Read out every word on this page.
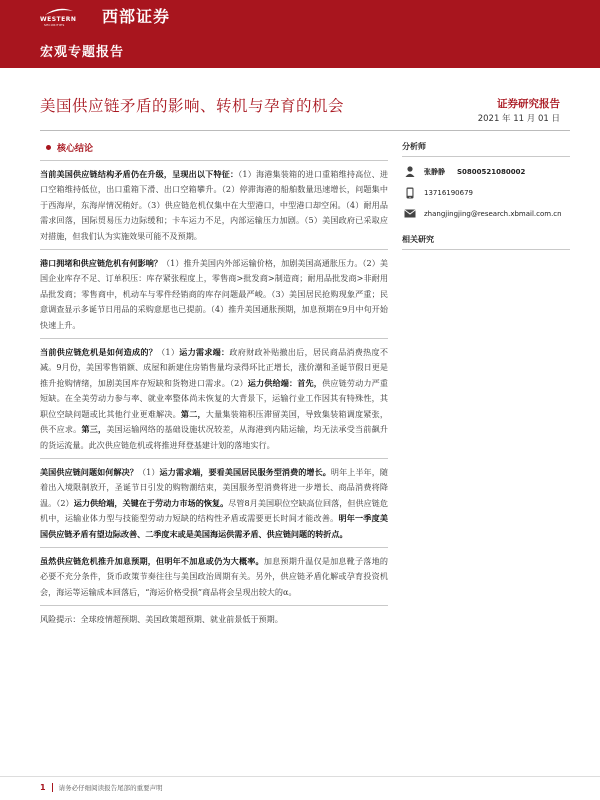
WESTERN
SECURITIES 西部证券
宏观专题报告
美国供应链矛盾的影响、转机与孕育的机会	证券研究报告
2021 年 11 月 01 日
核心结论

当前美国供应链结构矛盾仍在升级，呈现出以下特征：（1）海港集装箱的进口重箱维持高位、进口空箱维持低位，出口重箱下滑、出口空箱攀升。（2）停滞海港的船舶数量迅速增长，问题集中于西海岸，东海岸情况稍好。（3）供应链危机仅集中在大型港口，中型港口却空闲。（4）耐用品需求回落，国际贸易压力边际缓和；卡车运力不足，内部运输压力加剧。（5）美国政府已采取应对措施，但我们认为实施效果可能不及预期。

港口拥堵和供应链危机有何影响？（1）推升美国内外部运输价格，加剧美国高通胀压力。（2）美国企业库存不足、订单积压：库存紧张程度上，零售商>批发商>制造商；耐用品批发商>非耐用品批发商；零售商中，机动车与零件经销商的库存问题最严峻。（3）美国居民抢购现象严重；民意调查显示多诞节日用品的采购意愿也已提前。（4）推升美国通胀预期，加息预期在9月中旬开始快速上升。

当前供应链危机是如何造成的？（1）运力需求端：政府财政补贴撤出后，居民商品消费热度不减。9月份，美国零售销额、成屋和新建住房销售量均录得环比正增长，涨价潮和圣诞节假日更是推升抢购情绪，加剧美国库存短缺和货物进口需求。（2）运力供给端：首先，供应链劳动力严重短缺。在全美劳动力参与率、就业率整体尚未恢复的大背景下，运输行业工作因其有特殊性，其职位空缺问题或比其他行业更难解决。第二，大量集装箱积压滞留美国，导致集装箱调度紧张，供不应求。第三，美国运输网络的基础设施状况较差，从海港到内陆运输，均无法承受当前飙升的货运流量。此次供应链危机或将推进拜登基建计划的落地实行。

美国供应链问题如何解决？（1）运力需求端，要看美国居民服务型消费的增长。明年上半年，随着出入境限制放开，圣诞节日引发的购物潮结束，美国服务型消费将进一步增长、商品消费将降温。（2）运力供给端，关键在于劳动力市场的恢复。尽管8月美国职位空缺高位回落，但供应链危机中，运输业体力型与技能型劳动力短缺的结构性矛盾或需要更长时间才能改善。明年一季度美国供应链矛盾有望边际改善、二季度末或是美国海运供需矛盾、供应链问题的转折点。

虽然供应链危机推升加息预期，但明年不加息或仍为大概率。加息预期升温仅是加息靴子落地的必要不充分条件，货币政策节奏往往与美国政治周期有关。另外，供应链矛盾化解或孕育投资机会，海运等运输成本回落后，“海运价格受损”商品将会呈现出较大的α。

风险提示：全球疫情超预期、美国政策超预期、就业前景低于预期。
分析师
张静静 S0800521080002
13716190679
zhangjingjing@research.xbmail.com.cn
相关研究
1 请务必仔细阅读报告尾部的重要声明
